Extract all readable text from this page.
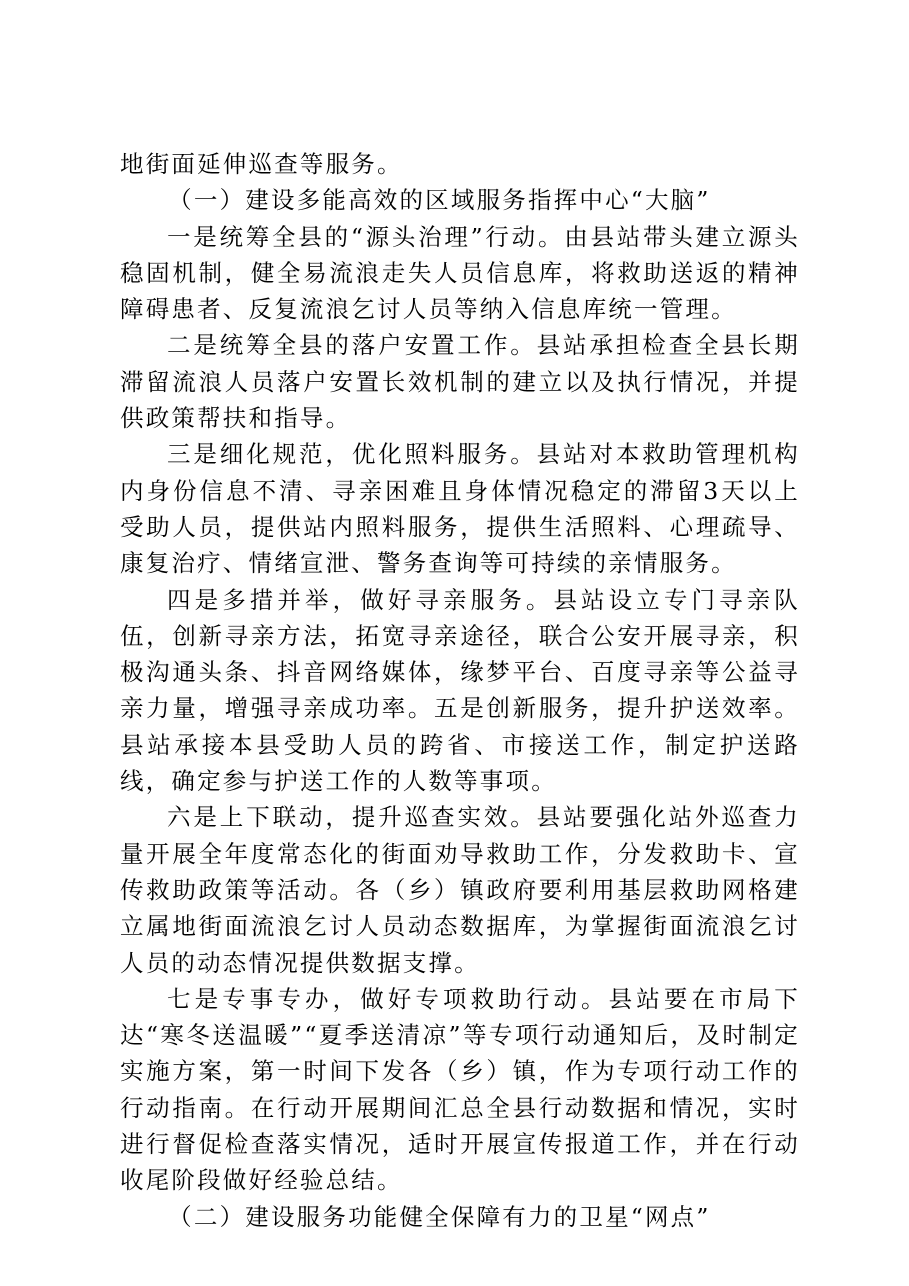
地街面延伸巡查等服务。

（一）建设多能高效的区域服务指挥中心“大脑”

一是统筹全县的“源头治理”行动。由县站带头建立源头稳固机制，健全易流浪走失人员信息库，将救助送返的精神障碍患者、反复流浪乞讨人员等纳入信息库统一管理。

二是统筹全县的落户安置工作。县站承担检查全县长期滞留流浪人员落户安置长效机制的建立以及执行情况，并提供政策帮扶和指导。

三是细化规范，优化照料服务。县站对本救助管理机构内身份信息不清、寻亲困难且身体情况稳定的滞留3天以上受助人员，提供站内照料服务，提供生活照料、心理疏导、康复治疗、情绪宣泄、警务查询等可持续的亲情服务。

四是多措并举，做好寻亲服务。县站设立专门寻亲队伍，创新寻亲方法，拓宽寻亲途径，联合公安开展寻亲，积极沟通头条、抖音网络媒体，缘梦平台、百度寻亲等公益寻亲力量，增强寻亲成功率。五是创新服务，提升护送效率。县站承接本县受助人员的跨省、市接送工作，制定护送路线，确定参与护送工作的人数等事项。

六是上下联动，提升巡查实效。县站要强化站外巡查力量开展全年度常态化的街面劝导救助工作，分发救助卡、宣传救助政策等活动。各（乡）镇政府要利用基层救助网格建立属地街面流浪乞讨人员动态数据库，为掌握街面流浪乞讨人员的动态情况提供数据支撑。

七是专事专办，做好专项救助行动。县站要在市局下达“寒冬送温暖”“夏季送清凉”等专项行动通知后，及时制定实施方案，第一时间下发各（乡）镇，作为专项行动工作的行动指南。在行动开展期间汇总全县行动数据和情况，实时进行督促检查落实情况，适时开展宣传报道工作，并在行动收尾阶段做好经验总结。

（二）建设服务功能健全保障有力的卫星“网点”
